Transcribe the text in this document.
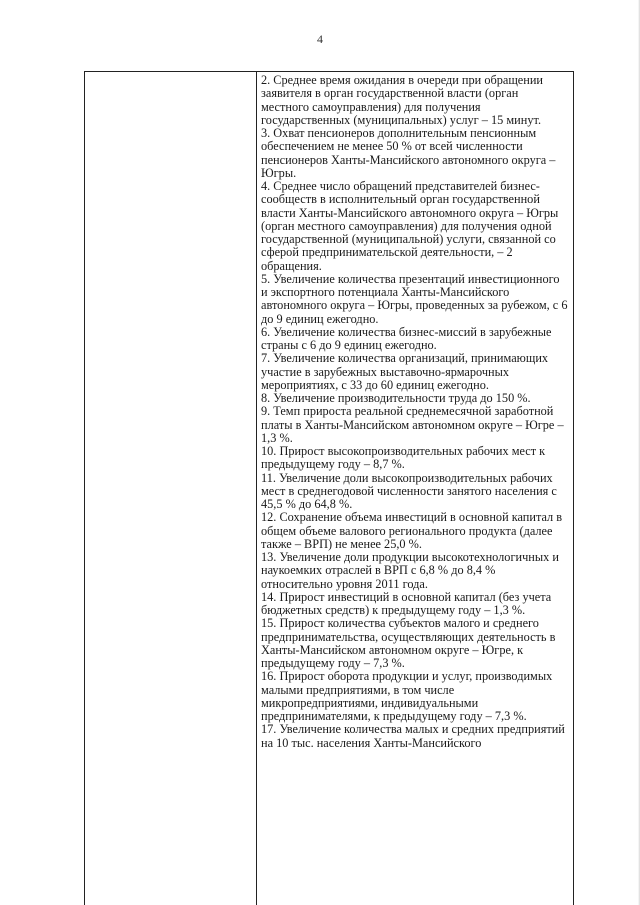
4

2. Среднее время ожидания в очереди при обращении заявителя в орган государственной власти (орган местного самоуправления) для получения государственных (муниципальных) услуг – 15 минут.

3. Охват пенсионеров дополнительным пенсионным обеспечением не менее 50 % от всей численности пенсионеров Ханты-Мансийского автономного округа – Югры.

4. Среднее число обращений представителей бизнес-сообществ в исполнительный орган государственной власти Ханты-Мансийского автономного округа – Югры (орган местного самоуправления) для получения одной государственной (муниципальной) услуги, связанной со сферой предпринимательской деятельности, – 2 обращения.

5. Увеличение количества презентаций инвестиционного и экспортного потенциала Ханты-Мансийского автономного округа – Югры, проведенных за рубежом, с 6 до 9 единиц ежегодно.

6. Увеличение количества бизнес-миссий в зарубежные страны с 6 до 9 единиц ежегодно.

7. Увеличение количества организаций, принимающих участие в зарубежных выставочно-ярмарочных мероприятиях, с 33 до 60 единиц ежегодно.

8. Увеличение производительности труда до 150 %.

9. Темп прироста реальной среднемесячной заработной платы в Ханты-Мансийском автономном округе – Югре – 1,3 %.

10. Прирост высокопроизводительных рабочих мест к предыдущему году – 8,7 %.

11. Увеличение доли высокопроизводительных рабочих мест в среднегодовой численности занятого населения с 45,5 % до 64,8 %.

12. Сохранение объема инвестиций в основной капитал в общем объеме валового регионального продукта (далее также – ВРП) не менее 25,0 %.

13. Увеличение доли продукции высокотехнологичных и наукоемких отраслей в ВРП с 6,8 % до 8,4 % относительно уровня 2011 года.

14. Прирост инвестиций в основной капитал (без учета бюджетных средств) к предыдущему году – 1,3 %.

15. Прирост количества субъектов малого и среднего предпринимательства, осуществляющих деятельность в Ханты-Мансийском автономном округе – Югре, к предыдущему году – 7,3 %.

16. Прирост оборота продукции и услуг, производимых малыми предприятиями, в том числе микропредприятиями, индивидуальными предпринимателями, к предыдущему году – 7,3 %.

17. Увеличение количества малых и средних предприятий на 10 тыс. населения Ханты-Мансийского
